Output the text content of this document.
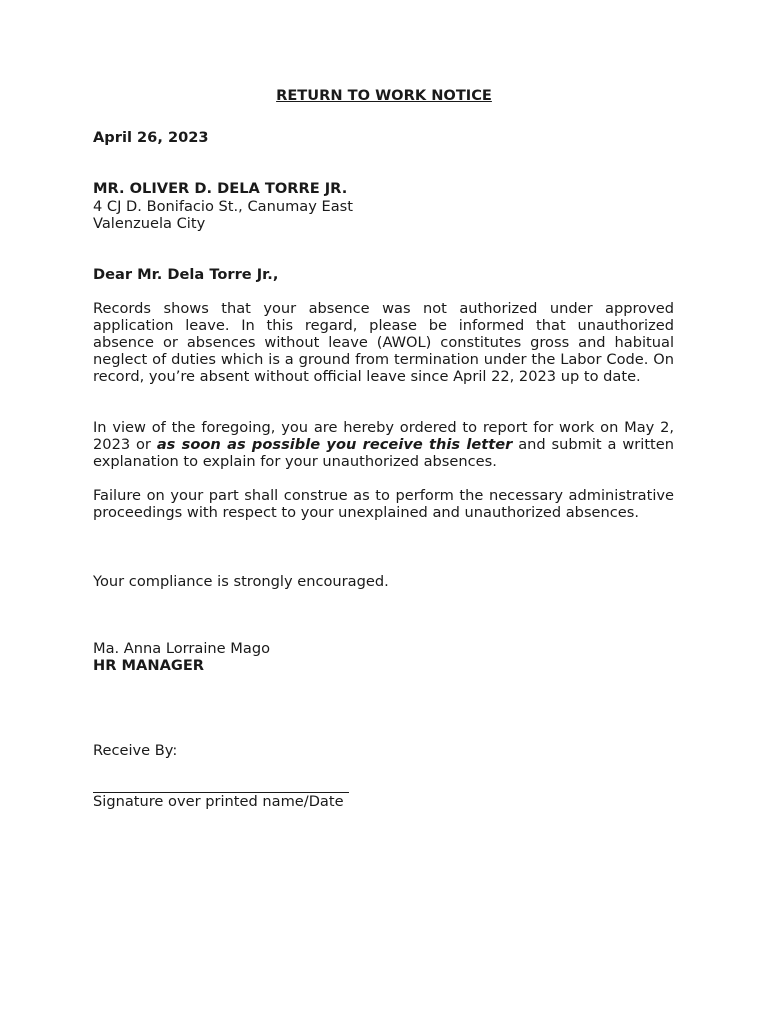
RETURN TO WORK NOTICE
April 26, 2023
MR. OLIVER D. DELA TORRE JR.
4 CJ D. Bonifacio St., Canumay East
Valenzuela City
Dear Mr. Dela Torre Jr.,
Records shows that your absence was not authorized under approved application leave. In this regard, please be informed that unauthorized absence or absences without leave (AWOL) constitutes gross and habitual neglect of duties which is a ground from termination under the Labor Code. On record, you’re absent without official leave since April 22, 2023 up to date.
In view of the foregoing, you are hereby ordered to report for work on May 2, 2023 or as soon as possible you receive this letter and submit a written explanation to explain for your unauthorized absences.
Failure on your part shall construe as to perform the necessary administrative proceedings with respect to your unexplained and unauthorized absences.
Your compliance is strongly encouraged.
Ma. Anna Lorraine Mago
HR MANAGER
Receive By:
Signature over printed name/Date
